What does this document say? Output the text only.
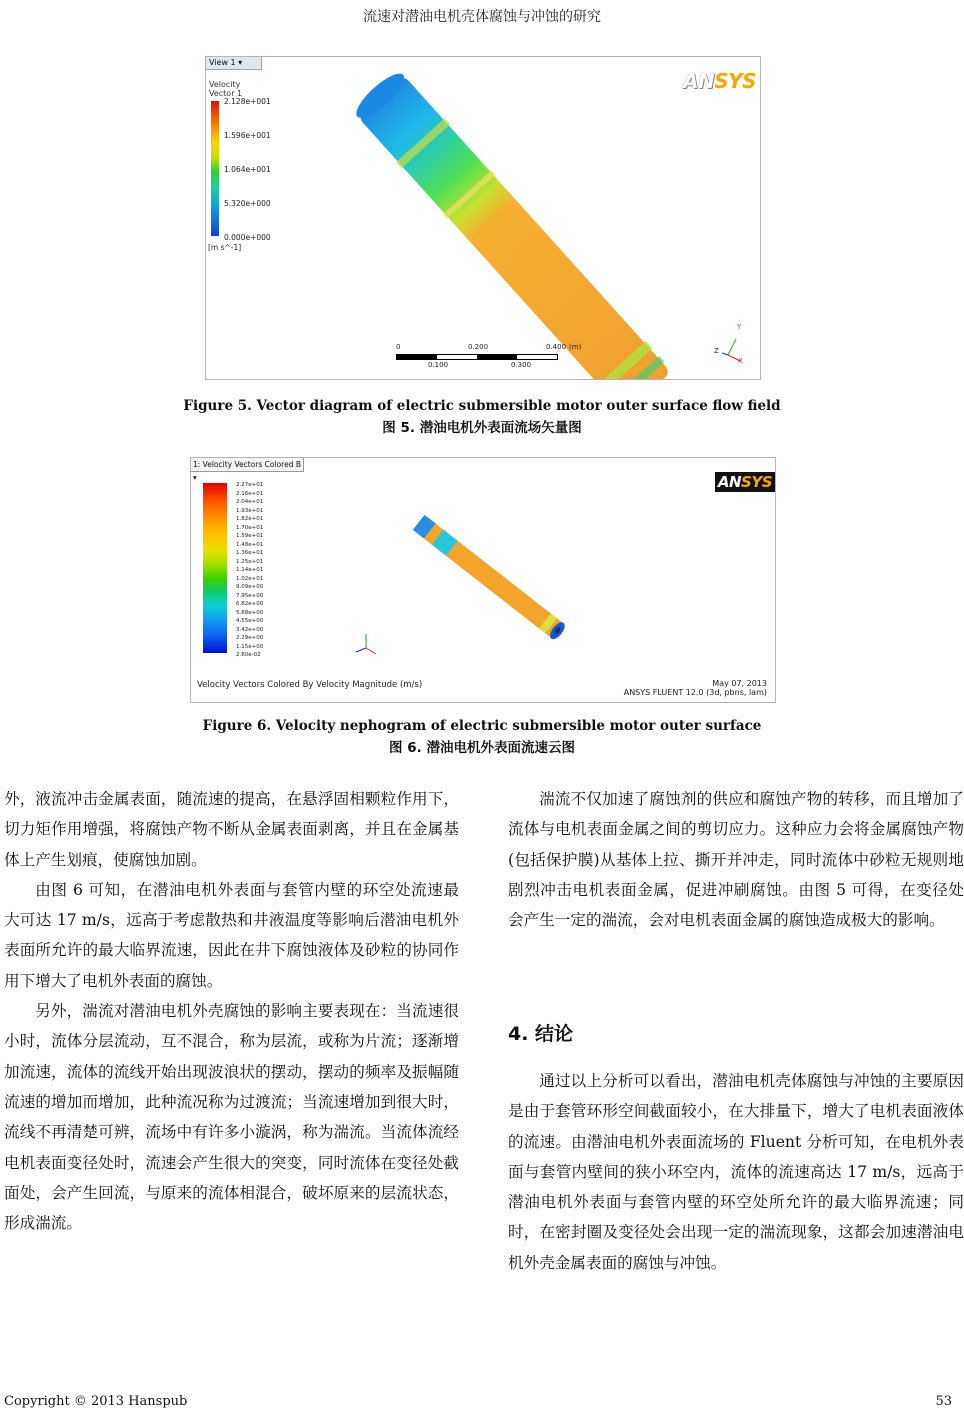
流速对潜油电机壳体腐蚀与冲蚀的研究
View 1 ▾
Velocity
Vector 1
2.128e+001
1.596e+001
1.064e+001
5.320e+000
0.000e+000
[m s^-1]
ANSYS
Y
Z
X
0	0.200	0.400 (m)
0.100	0.300
Figure 5. Vector diagram of electric submersible motor outer surface flow field
图 5. 潜油电机外表面流场矢量图
1: Velocity Vectors Colored B ▾
2.27e+01
2.16e+01
2.04e+01
1.93e+01
1.82e+01
1.70e+01
1.59e+01
1.48e+01
1.36e+01
1.25e+01
1.14e+01
1.02e+01
9.09e+00
7.95e+00
6.82e+00
5.68e+00
4.55e+00
3.42e+00
2.29e+00
1.15e+00
2.60e-02
ANSYS
Velocity Vectors Colored By Velocity Magnitude (m/s)	May 07, 2013
ANSYS FLUENT 12.0 (3d, pbns, lam)
Figure 6. Velocity nephogram of electric submersible motor outer surface
图 6. 潜油电机外表面流速云图

外，液流冲击金属表面，随流速的提高，在悬浮固相颗粒作用下，切力矩作用增强，将腐蚀产物不断从金属表面剥离，并且在金属基体上产生划痕，使腐蚀加剧。

由图 6 可知，在潜油电机外表面与套管内壁的环空处流速最大可达 17 m/s，远高于考虑散热和井液温度等影响后潜油电机外表面所允许的最大临界流速，因此在井下腐蚀液体及砂粒的协同作用下增大了电机外表面的腐蚀。

另外，湍流对潜油电机外壳腐蚀的影响主要表现在：当流速很小时，流体分层流动，互不混合，称为层流，或称为片流；逐渐增加流速，流体的流线开始出现波浪状的摆动，摆动的频率及振幅随流速的增加而增加，此种流况称为过渡流；当流速增加到很大时，流线不再清楚可辨，流场中有许多小漩涡，称为湍流。当流体流经电机表面变径处时，流速会产生很大的突变，同时流体在变径处截面处，会产生回流，与原来的流体相混合，破坏原来的层流状态，形成湍流。

湍流不仅加速了腐蚀剂的供应和腐蚀产物的转移，而且增加了流体与电机表面金属之间的剪切应力。这种应力会将金属腐蚀产物(包括保护膜)从基体上拉、撕开并冲走，同时流体中砂粒无规则地剧烈冲击电机表面金属，促进冲刷腐蚀。由图 5 可得，在变径处会产生一定的湍流，会对电机表面金属的腐蚀造成极大的影响。

4. 结论

通过以上分析可以看出，潜油电机壳体腐蚀与冲蚀的主要原因是由于套管环形空间截面较小，在大排量下，增大了电机表面液体的流速。由潜油电机外表面流场的 Fluent 分析可知，在电机外表面与套管内壁间的狭小环空内，流体的流速高达 17 m/s，远高于潜油电机外表面与套管内壁的环空处所允许的最大临界流速；同时，在密封圈及变径处会出现一定的湍流现象，这都会加速潜油电机外壳金属表面的腐蚀与冲蚀。

Copyright © 2013 Hanspub	53
